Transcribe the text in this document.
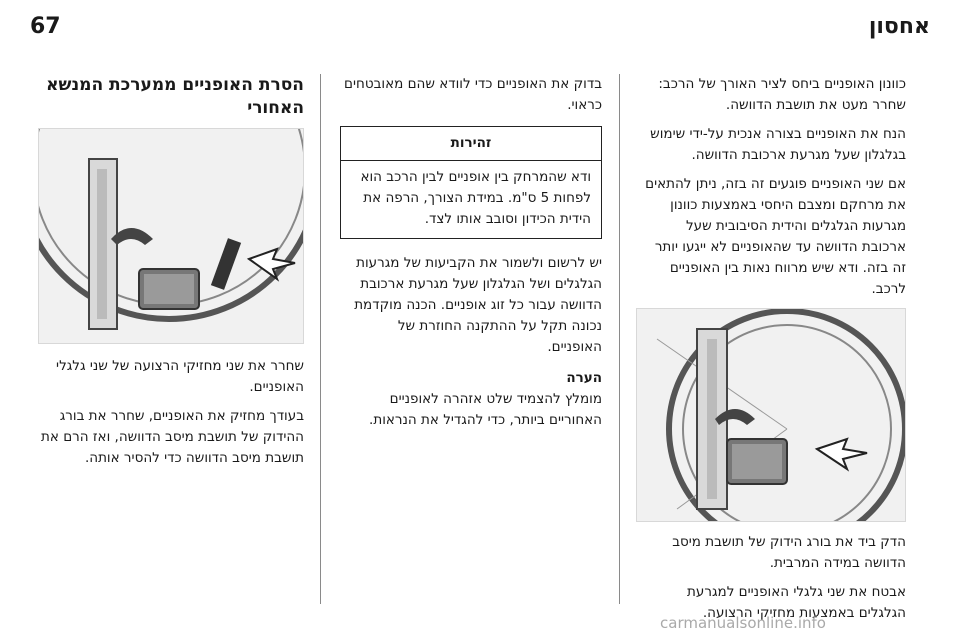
אחסון
67

כוונון האופניים ביחס לציר האורך של הרכב: שחרר מעט את תושבת הדוושה.

הנח את האופניים בצורה אנכית על-ידי שימוש בגלגלון שעל מגרעת ארכובת הדוושה.

אם שני האופניים פוגעים זה בזה, ניתן להתאים את מרחקם ומצבם היחסי באמצעות כוונון מגרעות הגלגלים והידית הסיבובית שעל ארכובת הדוושה עד שהאופניים לא ייגעו יותר זה בזה. ודא שיש מרווח נאות בין האופניים לרכב.

הדק ביד את בורג הידוק של תושבת מיסב הדוושה במידה המרבית.

אבטח את שני גלגלי האופניים למגרעת הגלגלים באמצעות מחזיקי הרצועה.

בדוק את האופניים כדי לוודא שהם מאובטחים כראוי.

זהירות
ודא שהמרחק בין אופניים לבין הרכב הוא לפחות 5 ס"מ. במידת הצורך, הרפה את הידית הכידון וסובב אותו לצד.

יש לרשום ולשמור את הקביעות של מגרעות הגלגלים ושל הגלגלון שעל מגרעת ארכובת הדוושה עבור כל זוג אופניים. הכנה מוקדמת נכונה תקל על ההתקנה החוזרת של האופניים.

הערה

מומלץ להצמיד שלט אזהרה לאופניים האחוריים ביותר, כדי להגדיל את הנראות.

הסרת האופניים ממערכת המנשא האחורי

שחרר את שני מחזיקי הרצועה של שני גלגלי האופניים.

בעודך מחזיק את האופניים, שחרר את בורג ההידוק של תושבת מיסב הדוושה, ואז הרם את תושבת מיסב הדוושה כדי להסיר אותה.

carmanualsonline.info
